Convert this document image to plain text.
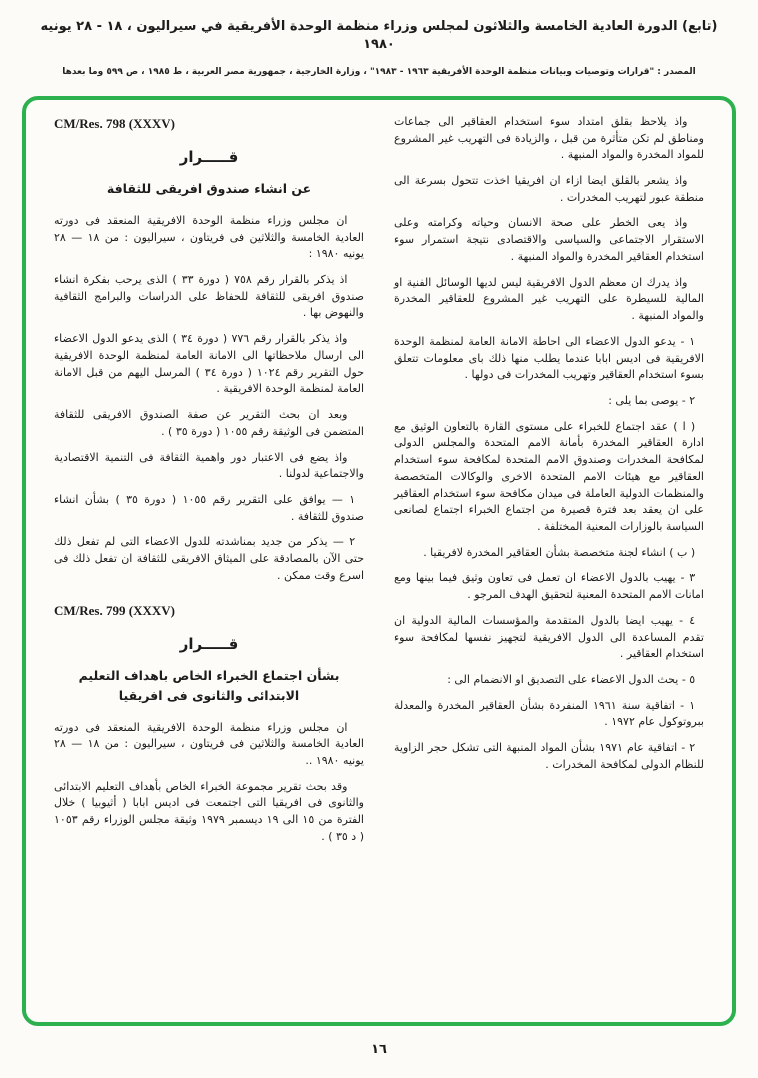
(تابع) الدورة العادية الخامسة والثلاثون لمجلس وزراء منظمة الوحدة الأفريقية في سيراليون ، ١٨ - ٢٨ يونيه ١٩٨٠
المصدر : "قرارات وتوصيات وبيانات منظمة الوحدة الأفريقية ١٩٦٣ - ١٩٨٣" ، وزارة الخارجية ، جمهورية مصر العربية ، ط ١٩٨٥ ، ص ٥٩٩ وما بعدها

واذ يلاحظ بقلق امتداد سوء استخدام العقاقير الى جماعات ومناطق لم تكن متأثرة من قبل ، والزيادة فى التهريب غير المشروع للمواد المخدرة والمواد المنبهة .

واذ يشعر بالقلق ايضا ازاء ان افريقيا اخذت تتحول بسرعة الى منطقة عبور لتهريب المخدرات .

واذ يعى الخطر على صحة الانسان وحياته وكرامته وعلى الاستقرار الاجتماعى والسياسى والاقتصادى نتيجة استمرار سوء استخدام العقاقير المخدرة والمواد المنبهة .

واذ يدرك ان معظم الدول الافريقية ليس لديها الوسائل الفنية او المالية للسيطرة على التهريب غير المشروع للعقاقير المخدرة والمواد المنبهة .

١ - يدعو الدول الاعضاء الى احاطة الامانة العامة لمنظمة الوحدة الافريقية فى اديس ابابا عندما يطلب منها ذلك باى معلومات تتعلق بسوء استخدام العقاقير وتهريب المخدرات فى دولها .

٢ - يوصى بما يلى :

( ا ) عقد اجتماع للخبراء على مستوى القارة بالتعاون الوثيق مع ادارة العقاقير المخدرة بأمانة الامم المتحدة والمجلس الدولى لمكافحة المخدرات وصندوق الامم المتحدة لمكافحة سوء استخدام العقاقير مع هيئات الامم المتحدة الاخرى والوكالات المتخصصة والمنظمات الدولية العاملة فى ميدان مكافحة سوء استخدام العقاقير على ان يعقد بعد فترة قصيرة من اجتماع الخبراء اجتماع لصانعى السياسة بالوزارات المعنية المختلفة .

( ب ) انشاء لجنة متخصصة بشأن العقاقير المخدرة لافريقيا .

٣ - يهيب بالدول الاعضاء ان تعمل فى تعاون وثيق فيما بينها ومع امانات الامم المتحدة المعنية لتحقيق الهدف المرجو .

٤ - يهيب ايضا بالدول المتقدمة والمؤسسات المالية الدولية ان تقدم المساعدة الى الدول الافريقية لتجهيز نفسها لمكافحة سوء استخدام العقاقير .

٥ - يحث الدول الاعضاء على التصديق او الانضمام الى :

١ - اتفاقية سنة ١٩٦١ المنفردة بشأن العقاقير المخدرة والمعدلة ببروتوكول عام ١٩٧٢ .

٢ - اتفاقية عام ١٩٧١ بشأن المواد المنبهة التى تشكل حجر الزاوية للنظام الدولى لمكافحة المخدرات .

CM/Res. 798 (XXXV)
قـــــرار
عن انشاء صندوق افريقى للثقافة

ان مجلس وزراء منظمة الوحدة الافريقية المنعقد فى دورته العادية الخامسة والثلاثين فى فريتاون ، سيراليون : من ١٨ — ٢٨ يونيه ١٩٨٠ :

اذ يذكر بالقرار رقم ٧٥٨ ( دورة ٣٣ ) الذى يرحب بفكرة انشاء صندوق افريقى للثقافة للحفاظ على الدراسات والبرامج الثقافية والنهوض بها .

واذ يذكر بالقرار رقم ٧٧٦ ( دورة ٣٤ ) الذى يدعو الدول الاعضاء الى ارسال ملاحظاتها الى الامانة العامة لمنظمة الوحدة الافريقية حول التقرير رقم ١٠٢٤ ( دورة ٣٤ ) المرسل اليهم من قبل الامانة العامة لمنظمة الوحدة الافريقية .

وبعد ان بحث التقرير عن صفة الصندوق الافريقى للثقافة المتضمن فى الوثيقة رقم ١٠٥٥ ( دورة ٣٥ ) .

واذ يضع فى الاعتبار دور واهمية الثقافة فى التنمية الاقتصادية والاجتماعية لدولنا .

١ — يوافق على التقرير رقم ١٠٥٥ ( دورة ٣٥ ) بشأن انشاء صندوق للثقافة .

٢ — يذكر من جديد بمناشدته للدول الاعضاء التى لم تفعل ذلك حتى الآن بالمصادقة على الميثاق الافريقى للثقافة ان تفعل ذلك فى اسرع وقت ممكن .

CM/Res. 799 (XXXV)
قـــــرار
بشأن اجتماع الخبراء الخاص باهداف التعليم الابتدائى والثانوى فى افريقيا

ان مجلس وزراء منظمة الوحدة الافريقية المنعقد فى دورته العادية الخامسة والثلاثين فى فريتاون ، سيراليون : من ١٨ — ٢٨ يونيه ١٩٨٠ ..

وقد بحث تقرير مجموعة الخبراء الخاص بأهداف التعليم الابتدائى والثانوى فى افريقيا التى اجتمعت فى اديس ابابا ( أثيوبيا ) خلال الفترة من ١٥ الى ١٩ ديسمبر ١٩٧٩ وثيقة مجلس الوزراء رقم ١٠٥٣ ( د ٣٥ ) .

١٦
